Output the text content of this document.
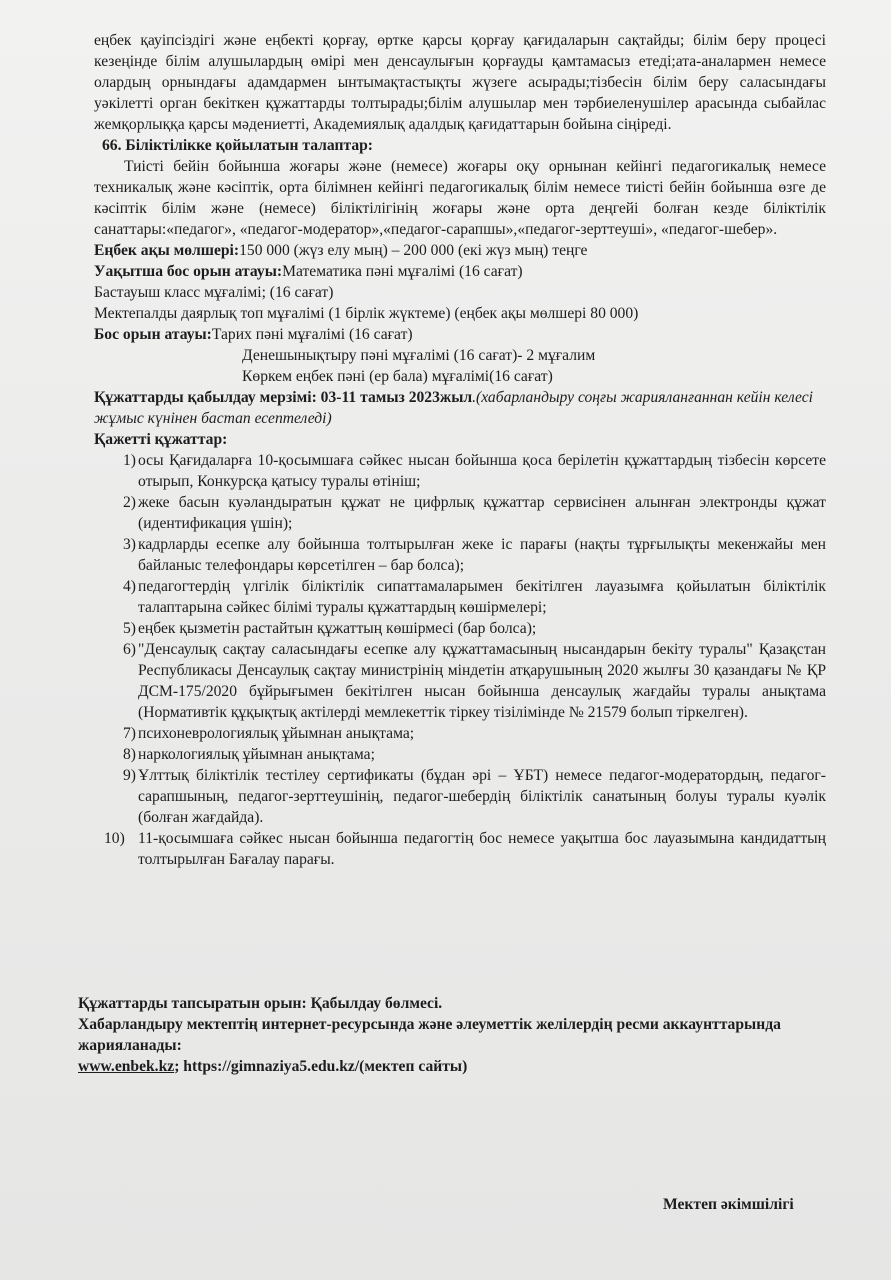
еңбек қауіпсіздігі және еңбекті қорғау, өртке қарсы қорғау қағидаларын сақтайды; білім беру процесі кезеңінде білім алушылардың өмірі мен денсаулығын қорғауды қамтамасыз етеді;ата-аналармен немесе олардың орнындағы адамдармен ынтымақтастықты жүзеге асырады;тізбесін білім беру саласындағы уәкілетті орган бекіткен құжаттарды толтырады;білім алушылар мен тәрбиеленушілер арасында сыбайлас жемқорлыққа қарсы мәдениетті, Академиялық адалдық қағидаттарын бойына сіңіреді.

66. Біліктілікке қойылатын талаптар:

Тиісті бейін бойынша жоғары және (немесе) жоғары оқу орнынан кейінгі педагогикалық немесе техникалық және кәсіптік, орта білімнен кейінгі педагогикалық білім немесе тиісті бейін бойынша өзге де кәсіптік білім және (немесе) біліктілігінің жоғары және орта деңгейі болған кезде біліктілік санаттары:«педагог», «педагог-модератор»,«педагог-сарапшы»,«педагог-зерттеуші», «педагог-шебер».

Еңбек ақы мөлшері:150 000 (жүз елу мың) – 200 000 (екі жүз мың) теңге

Уақытша бос орын атауы:Математика пәні мұғалімі (16 сағат)

Бастауыш класс мұғалімі; (16 сағат)

Мектепалды даярлық топ мұғалімі (1 бірлік жүктеме) (еңбек ақы мөлшері 80 000)

Бос орын атауы:Тарих пәні мұғалімі (16 сағат)

Денешынықтыру пәні мұғалімі (16 сағат)- 2 мұғалим

Көркем еңбек пәні (ер бала) мұғалімі(16 сағат)

Құжаттарды қабылдау мерзімі: 03-11 тамыз 2023жыл.(хабарландыру соңғы жарияланғаннан кейін келесі жұмыс күнінен бастап есептеледі)

Қажетті құжаттар:

1) осы Қағидаларға 10-қосымшаға сәйкес нысан бойынша қоса берілетін құжаттардың тізбесін көрсете отырып, Конкурсқа қатысу туралы өтініш;
2) жеке басын куәландыратын құжат не цифрлық құжаттар сервисінен алынған электронды құжат (идентификация үшін);
3) кадрларды есепке алу бойынша толтырылған жеке іс парағы (нақты тұрғылықты мекенжайы мен байланыс телефондары көрсетілген – бар болса);
4) педагогтердің үлгілік біліктілік сипаттамаларымен бекітілген лауазымға қойылатын біліктілік талаптарына сәйкес білімі туралы құжаттардың көшірмелері;
5) еңбек қызметін растайтын құжаттың көшірмесі (бар болса);
6) "Денсаулық сақтау саласындағы есепке алу құжаттамасының нысандарын бекіту туралы" Қазақстан Республикасы Денсаулық сақтау министрінің міндетін атқарушының 2020 жылғы 30 қазандағы № ҚР ДСМ-175/2020 бұйрығымен бекітілген нысан бойынша денсаулық жағдайы туралы анықтама (Нормативтік құқықтық актілерді мемлекеттік тіркеу тізілімінде № 21579 болып тіркелген).
7) психоневрологиялық ұйымнан анықтама;
8) наркологиялық ұйымнан анықтама;
9) Ұлттық біліктілік тестілеу сертификаты (бұдан әрі – ҰБТ) немесе педагог-модератордың, педагог-сарапшының, педагог-зерттеушінің, педагог-шебердің біліктілік санатының болуы туралы куәлік (болған жағдайда).
10) 11-қосымшаға сәйкес нысан бойынша педагогтің бос немесе уақытша бос лауазымына кандидаттың толтырылған Бағалау парағы.

Құжаттарды тапсыратын орын: Қабылдау бөлмесі.

Хабарландыру мектептің интернет-ресурсында және әлеуметтік желілердің ресми аккаунттарында жарияланады:

www.enbek.kz; https://gimnaziya5.edu.kz/(мектеп сайты)

Мектеп әкімшілігі
